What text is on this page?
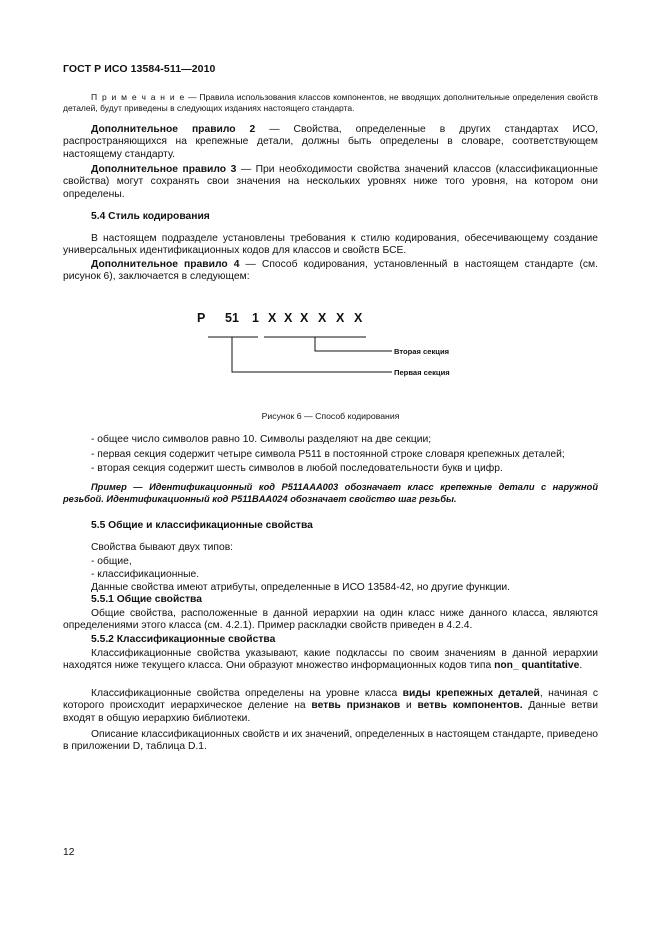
ГОСТ Р ИСО 13584-511—2010
П р и м е ч а н и е — Правила использования классов компонентов, не вводящих дополнительные определения свойств деталей, будут приведены в следующих изданиях настоящего стандарта.
Дополнительное правило 2 — Свойства, определенные в других стандартах ИСО, распространяющихся на крепежные детали, должны быть определены в словаре, соответствующем настоящему стандарту.
Дополнительное правило 3 — При необходимости свойства значений классов (классификационные свойства) могут сохранять свои значения на нескольких уровнях ниже того уровня, на котором они определены.
5.4 Стиль кодирования
В настоящем подразделе установлены требования к стилю кодирования, обесечивающему создание универсальных идентификационных кодов для классов и свойств БСЕ.
Дополнительное правило 4 — Способ кодирования, установленный в настоящем стандарте (см. рисунок 6), заключается в следующем:
P 5 1 1 X X X X X X
Вторая секция
Первая секция
Рисунок 6 — Способ кодирования
- общее число символов равно 10. Символы разделяют на две секции;
- первая секция содержит четыре символа P511 в постоянной строке словаря крепежных деталей;
- вторая секция содержит шесть символов в любой последовательности букв и цифр.
Пример — Идентификационный код P511AAA003 обозначает класс крепежные детали с наружной резьбой. Идентификационный код P511BAA024 обозначает свойство шаг резьбы.
5.5 Общие и классификационные свойства
Свойства бывают двух типов:
- общие,
- классификационные.
Данные свойства имеют атрибуты, определенные в ИСО 13584-42, но другие функции.
5.5.1 Общие свойства
Общие свойства, расположенные в данной иерархии на один класс ниже данного класса, являются определениями этого класса (см. 4.2.1). Пример раскладки свойств приведен в 4.2.4.
5.5.2 Классификационные свойства
Классификационные свойства указывают, какие подклассы по своим значениям в данной иерархии находятся ниже текущего класса. Они образуют множество информационных кодов типа non_ quantitative.
Классификационные свойства определены на уровне класса виды крепежных деталей, начиная с которого происходит иерархическое деление на ветвь признаков и ветвь компонентов. Данные ветви входят в общую иерархию библиотеки.
Описание классификационных свойств и их значений, определенных в настоящем стандарте, приведено в приложении D, таблица D.1.
12
